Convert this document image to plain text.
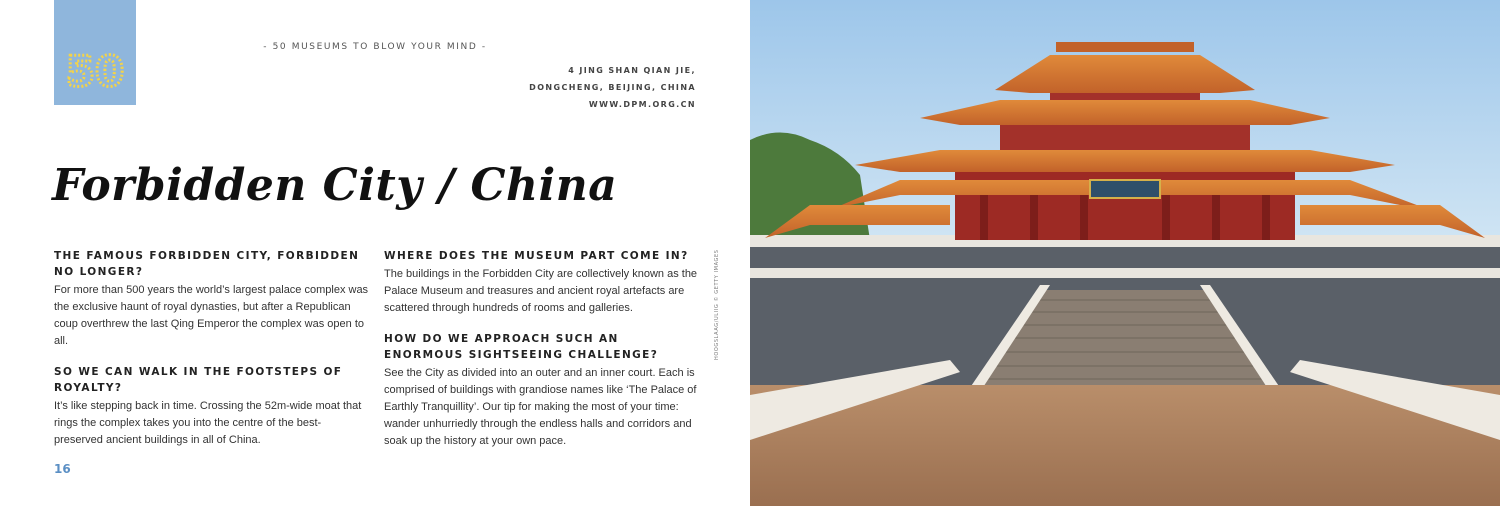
50	- 50 MUSEUMS TO BLOW YOUR MIND -
4 JING SHAN QIAN JIE,
DONGCHENG, BEIJING, CHINA
WWW.DPM.ORG.CN
Forbidden City / China
THE FAMOUS FORBIDDEN CITY, FORBIDDEN NO LONGER?
For more than 500 years the world’s largest palace complex was the exclusive haunt of royal dynasties, but after a Republican coup overthrew the last Qing Emperor the complex was open to all.
SO WE CAN WALK IN THE FOOTSTEPS OF ROYALTY?
It’s like stepping back in time. Crossing the 52m-wide moat that rings the complex takes you into the centre of the best-preserved ancient buildings in all of China.
WHERE DOES THE MUSEUM PART COME IN?
The buildings in the Forbidden City are collectively known as the Palace Museum and treasures and ancient royal artefacts are scattered through hundreds of rooms and galleries.
HOW DO WE APPROACH SUCH AN ENORMOUS SIGHTSEEING CHALLENGE?
See the City as divided into an outer and an inner court. Each is comprised of buildings with grandiose names like ‘The Palace of Earthly Tranquillity’. Our tip for making the most of your time: wander unhurriedly through the endless halls and corridors and soak up the history at your own pace.
16
HOOGSLAAG/ULIIG © GETTY IMAGES
